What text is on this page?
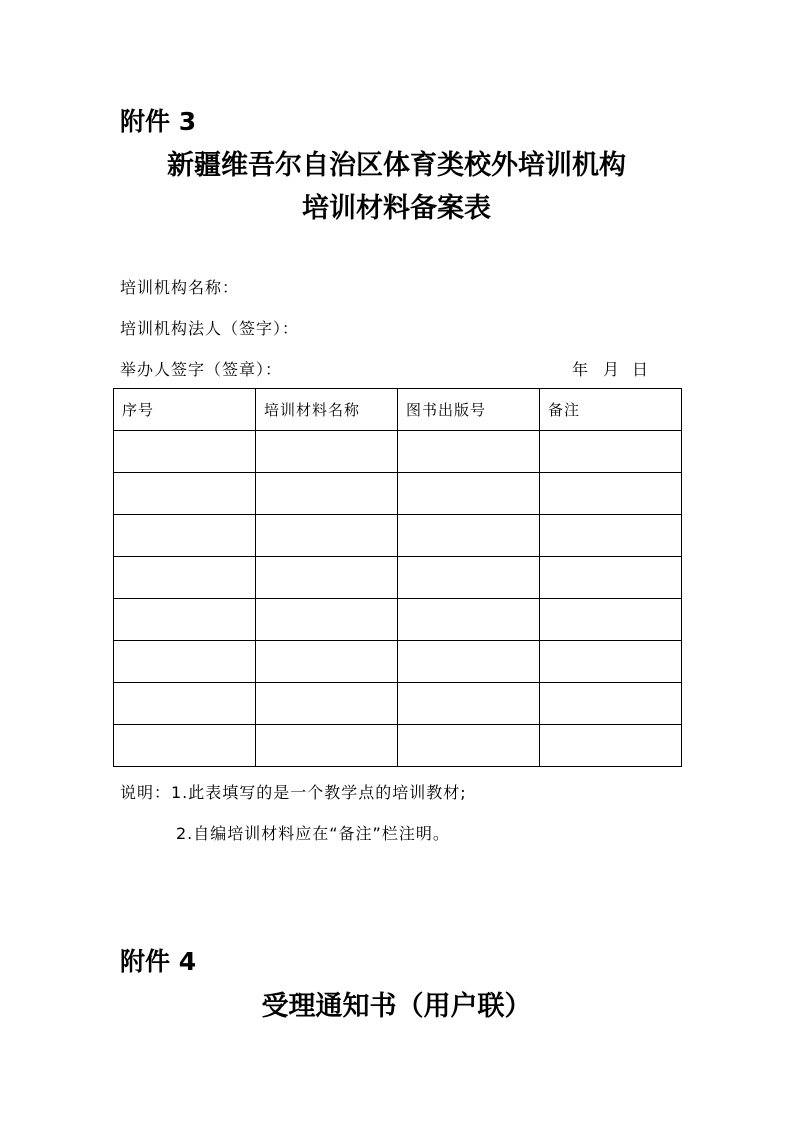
附件 3
新疆维吾尔自治区体育类校外培训机构
培训材料备案表
培训机构名称：
培训机构法人（签字）：
举办人签字（签章）：	年 月 日
序号	培训材料名称	图书出版号	备注

说明：1.此表填写的是一个教学点的培训教材;
2.自编培训材料应在“备注”栏注明。
附件 4
受理通知书（用户联）
